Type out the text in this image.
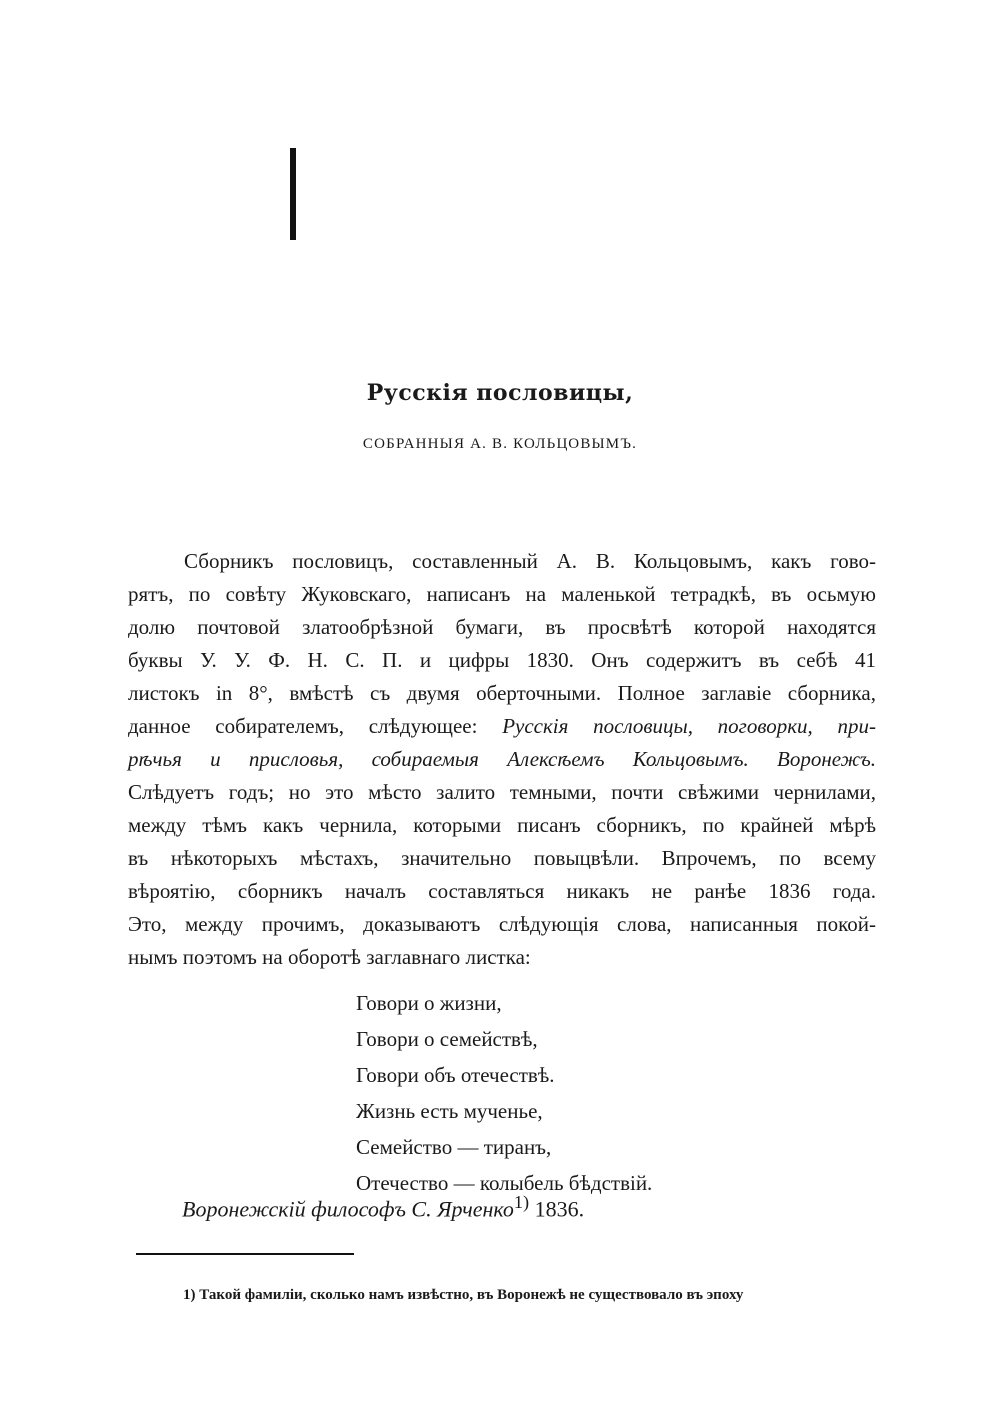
Русскія пословицы,
СОБРАННЫЯ А. В. КОЛЬЦОВЫМЪ.
Сборникъ пословицъ, составленный А. В. Кольцовымъ, какъ гово-
рятъ, по совѣту Жуковскаго, написанъ на маленькой тетрадкѣ, въ осьмую
долю почтовой златообрѣзной бумаги, въ просвѣтѣ которой находятся
буквы У. У. Ф. Н. С. П. и цифры 1830. Онъ содержитъ въ себѣ 41
листокъ in 8°, вмѣстѣ съ двумя оберточными. Полное заглавіе сборника,
данное собирателемъ, слѣдующее: Русскія пословицы, поговорки, при-
рѣчья и присловья, собираемыя Алексѣемъ Кольцовымъ. Воронежъ.
Слѣдуетъ годъ; но это мѣсто залито темными, почти свѣжими чернилами,
между тѣмъ какъ чернила, которыми писанъ сборникъ, по крайней мѣрѣ
въ нѣкоторыхъ мѣстахъ, значительно повыцвѣли. Впрочемъ, по всему
вѣроятію, сборникъ началъ составляться никакъ не ранѣе 1836 года.
Это, между прочимъ, доказываютъ слѣдующія слова, написанныя покой-
нымъ поэтомъ на оборотѣ заглавнаго листка:
Говори о жизни,
Говори о семействѣ,
Говори объ отечествѣ.
Жизнь есть мученье,
Семейство — тиранъ,
Отечество — колыбель бѣдствій.
Воронежскій философъ С. Ярченко$^{1)}$ 1836.
1) Такой фамиліи, сколько намъ извѣстно, въ Воронежѣ не существовало въ эпоху
